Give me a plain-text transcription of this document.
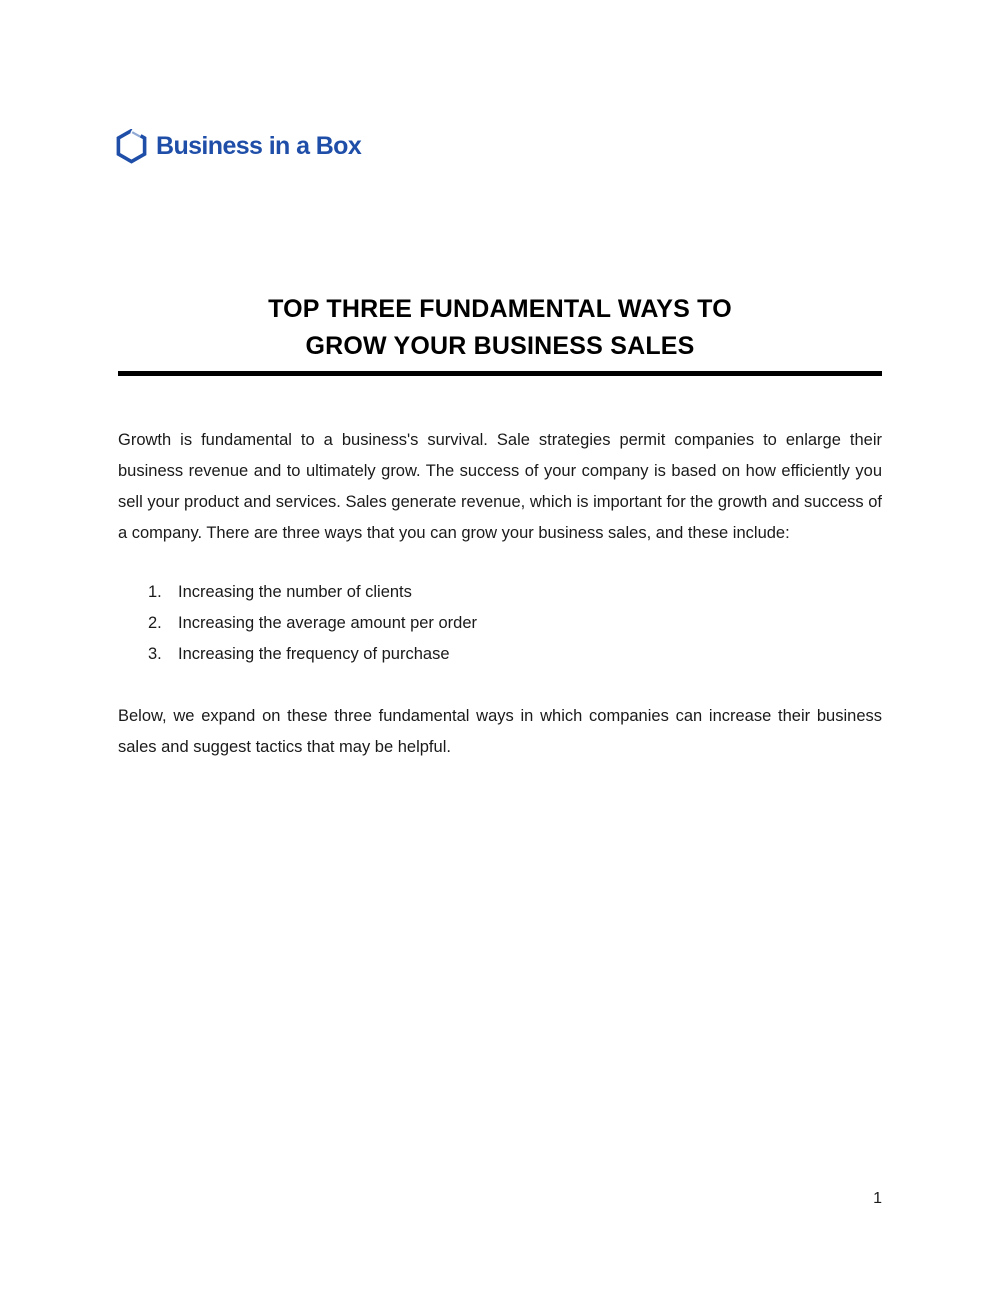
Business in a Box
TOP THREE FUNDAMENTAL WAYS TO
GROW YOUR BUSINESS SALES

Growth is fundamental to a business's survival. Sale strategies permit companies to enlarge their business revenue and to ultimately grow. The success of your company is based on how efficiently you sell your product and services. Sales generate revenue, which is important for the growth and success of a company. There are three ways that you can grow your business sales, and these include:

1. Increasing the number of clients
2. Increasing the average amount per order
3. Increasing the frequency of purchase

Below, we expand on these three fundamental ways in which companies can increase their business sales and suggest tactics that may be helpful.

1
